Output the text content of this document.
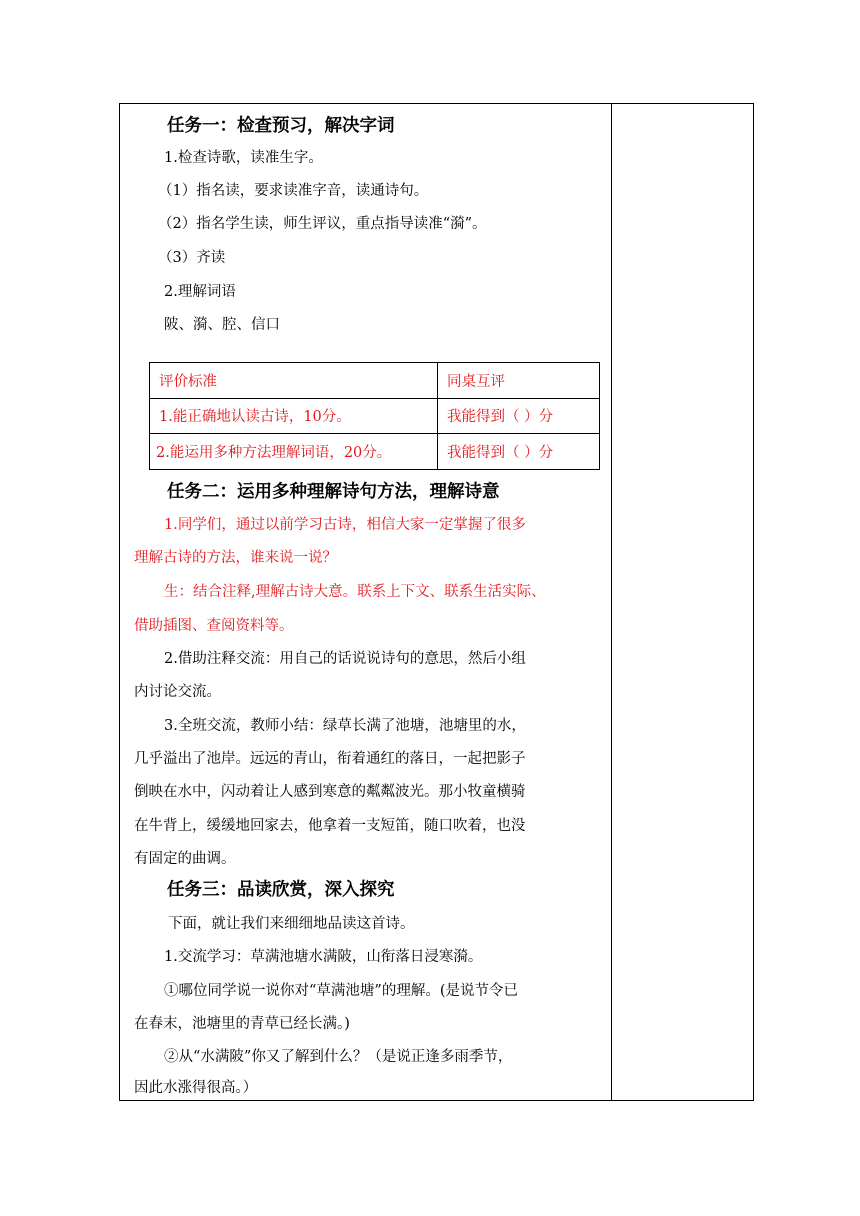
任务一：检查预习，解决字词
1.检查诗歌，读准生字。
（1）指名读，要求读准字音，读通诗句。
（2）指名学生读，师生评议，重点指导读准“漪”。
（3）齐读
2.理解词语
陂、漪、腔、信口
评价标准	同桌互评
1.能正确地认读古诗，10分。	我能得到（ ）分
2.能运用多种方法理解词语，20分。	我能得到（ ）分
任务二：运用多种理解诗句方法，理解诗意
1.同学们，通过以前学习古诗，相信大家一定掌握了很多
理解古诗的方法，谁来说一说？
生：结合注释,理解古诗大意。联系上下文、联系生活实际、
借助插图、查阅资料等。
2.借助注释交流：用自己的话说说诗句的意思，然后小组
内讨论交流。
3.全班交流，教师小结：绿草长满了池塘，池塘里的水，
几乎溢出了池岸。远远的青山，衔着通红的落日，一起把影子
倒映在水中，闪动着让人感到寒意的粼粼波光。那小牧童横骑
在牛背上，缓缓地回家去，他拿着一支短笛，随口吹着，也没
有固定的曲调。
任务三：品读欣赏，深入探究
下面，就让我们来细细地品读这首诗。
1.交流学习：草满池塘水满陂，山衔落日浸寒漪。
①哪位同学说一说你对“草满池塘”的理解。(是说节令已
在春末，池塘里的青草已经长满。)
②从“水满陂”你又了解到什么？（是说正逢多雨季节，
因此水涨得很高。）
